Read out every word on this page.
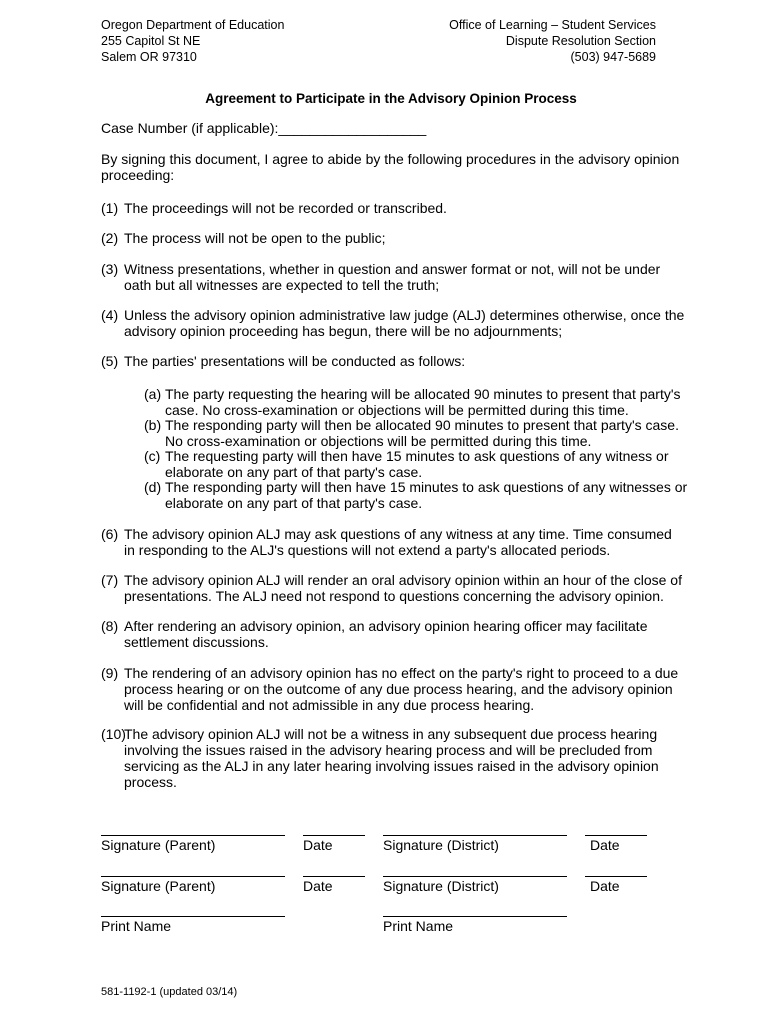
Oregon Department of Education
255 Capitol St NE
Salem OR 97310
Office of Learning – Student Services
Dispute Resolution Section
(503) 947-5689
Agreement to Participate in the Advisory Opinion Process
Case Number (if applicable):___________________
By signing this document, I agree to abide by the following procedures in the advisory opinion proceeding:
(1) The proceedings will not be recorded or transcribed.
(2) The process will not be open to the public;
(3) Witness presentations, whether in question and answer format or not, will not be under oath but all witnesses are expected to tell the truth;
(4) Unless the advisory opinion administrative law judge (ALJ) determines otherwise, once the advisory opinion proceeding has begun, there will be no adjournments;
(5) The parties' presentations will be conducted as follows:
(a) The party requesting the hearing will be allocated 90 minutes to present that party's case. No cross-examination or objections will be permitted during this time.
(b) The responding party will then be allocated 90 minutes to present that party's case. No cross-examination or objections will be permitted during this time.
(c) The requesting party will then have 15 minutes to ask questions of any witness or elaborate on any part of that party's case.
(d) The responding party will then have 15 minutes to ask questions of any witnesses or elaborate on any part of that party's case.
(6) The advisory opinion ALJ may ask questions of any witness at any time. Time consumed in responding to the ALJ's questions will not extend a party's allocated periods.
(7) The advisory opinion ALJ will render an oral advisory opinion within an hour of the close of presentations. The ALJ need not respond to questions concerning the advisory opinion.
(8) After rendering an advisory opinion, an advisory opinion hearing officer may facilitate settlement discussions.
(9) The rendering of an advisory opinion has no effect on the party's right to proceed to a due process hearing or on the outcome of any due process hearing, and the advisory opinion will be confidential and not admissible in any due process hearing.
(10)
The advisory opinion ALJ will not be a witness in any subsequent due process hearing involving the issues raised in the advisory hearing process and will be precluded from servicing as the ALJ in any later hearing involving issues raised in the advisory opinion process.
Signature (Parent)	Date	Signature (District)	Date
Signature (Parent)	Date	Signature (District)	Date
Print Name	Print Name
581-1192-1 (updated 03/14)
